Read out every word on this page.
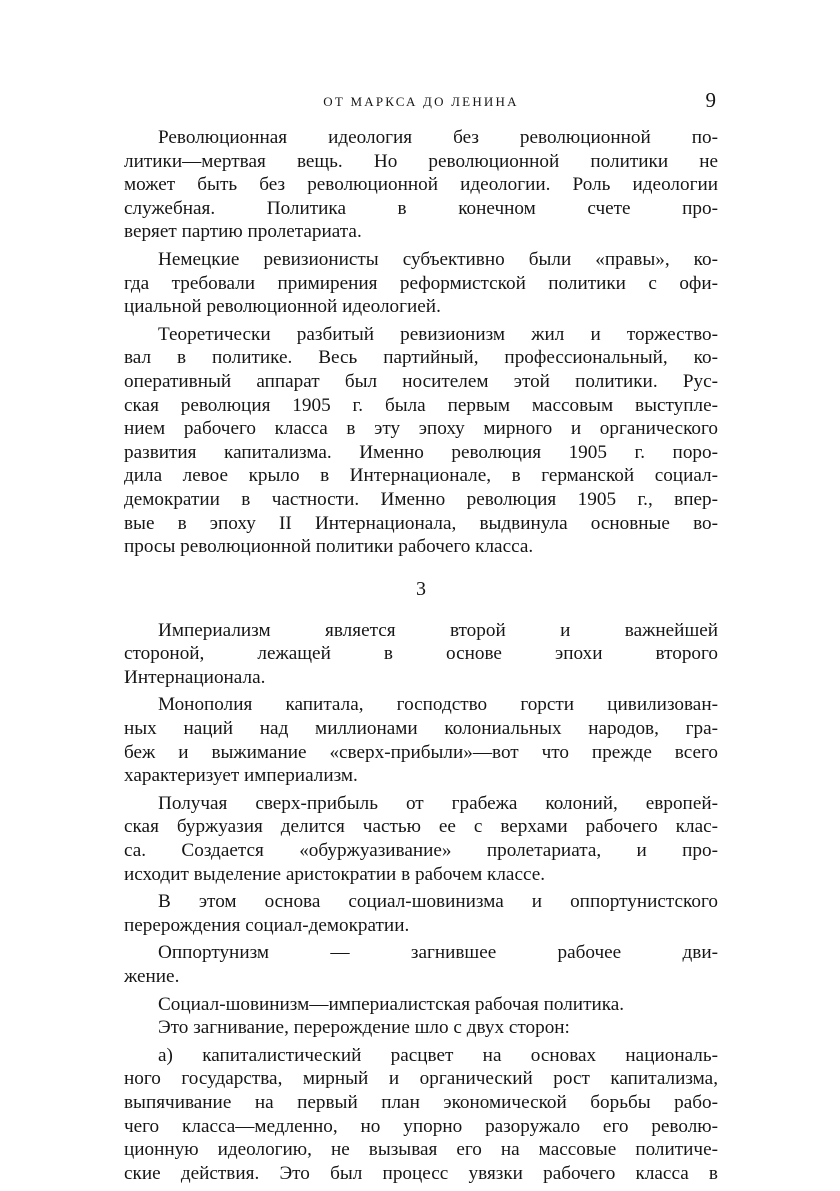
ОТ МАРКСА ДО ЛЕНИНА	9
Революционная идеология без революционной по-
литики—мертвая вещь. Но революционной политики не
может быть без революционной идеологии. Роль идеологии
служебная. Политика в конечном счете про-
веряет партию пролетариата.
Немецкие ревизионисты субъективно были «правы», ко-
гда требовали примирения реформистской политики с офи-
циальной революционной идеологией.
Теоретически разбитый ревизионизм жил и торжество-
вал в политике. Весь партийный, профессиональный, ко-
оперативный аппарат был носителем этой политики. Рус-
ская революция 1905 г. была первым массовым выступле-
нием рабочего класса в эту эпоху мирного и органического
развития капитализма. Именно революция 1905 г. поро-
дила левое крыло в Интернационале, в германской социал-
демократии в частности. Именно революция 1905 г., впер-
вые в эпоху II Интернационала, выдвинула основные во-
просы революционной политики рабочего класса.
3
Империализм является второй и важнейшей
стороной, лежащей в основе эпохи второго
Интернационала.
Монополия капитала, господство горсти цивилизован-
ных наций над миллионами колониальных народов, гра-
беж и выжимание «сверх-прибыли»—вот что прежде всего
характеризует империализм.
Получая сверх-прибыль от грабежа колоний, европей-
ская буржуазия делится частью ее с верхами рабочего клас-
са. Создается «обуржуазивание» пролетариата, и про-
исходит выделение аристократии в рабочем классе.
В этом основа социал-шовинизма и оппортунистского
перерождения социал-демократии.
Оппортунизм — загнившее рабочее дви-
жение.
Социал-шовинизм—империалистская рабочая политика.
Это загнивание, перерождение шло с двух сторон:
а) капиталистический расцвет на основах националь-
ного государства, мирный и органический рост капитализма,
выпячивание на первый план экономической борьбы рабо-
чего класса—медленно, но упорно разоружало его револю-
ционную идеологию, не вызывая его на массовые политиче-
ские действия. Это был процесс увязки рабочего класса в
